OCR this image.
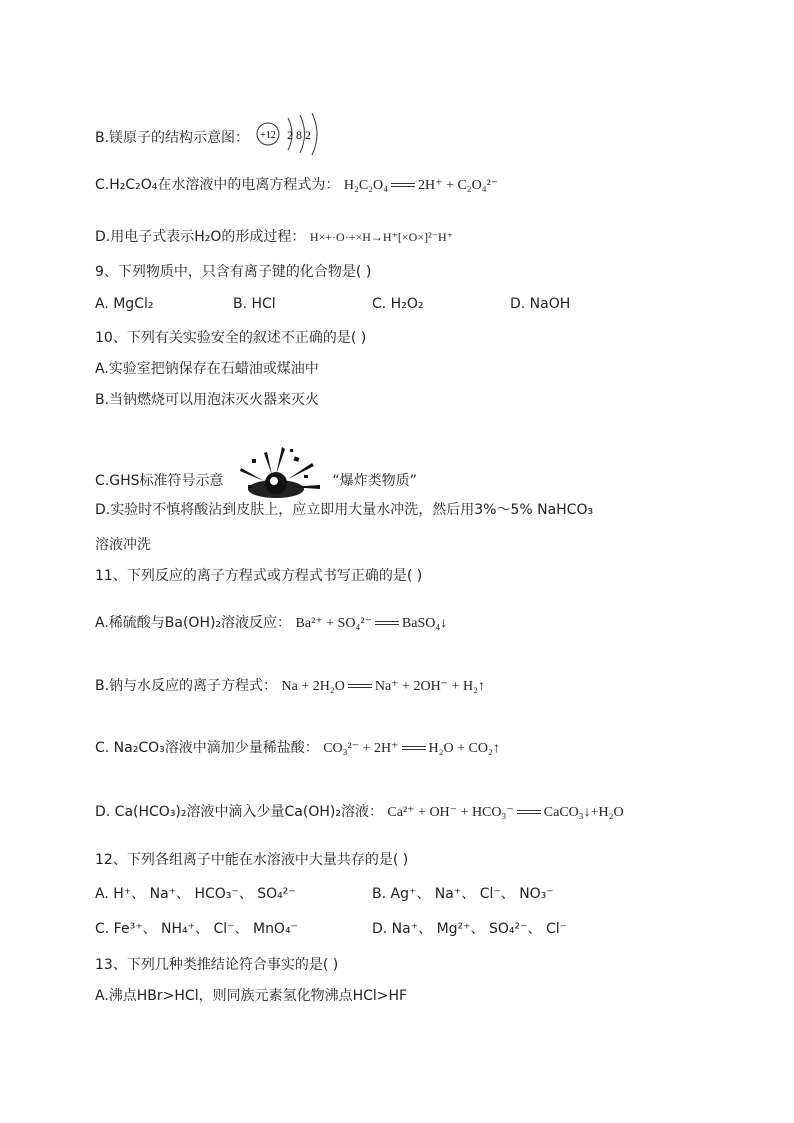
B.镁原子的结构示意图： +12 2 8 2
C.H₂C₂O₄在水溶液中的电离方程式为： H₂C₂O₄ 2H⁺ + C₂O₄²⁻
D.用电子式表示H₂O的形成过程： H×+·O·+×H→H⁺[×O×]²⁻H⁺
9、下列物质中，只含有离子键的化合物是( )
A. MgCl₂	B. HCl	C. H₂O₂	D. NaOH
10、下列有关实验安全的叙述不正确的是( )
A.实验室把钠保存在石蜡油或煤油中
B.当钠燃烧可以用泡沫灭火器来灭火
C.GHS标准符号示意	“爆炸类物质”
D.实验时不慎将酸沾到皮肤上，应立即用大量水冲洗，然后用3%～5% NaHCO₃
溶液冲洗
11、下列反应的离子方程式或方程式书写正确的是( )
A.稀硫酸与Ba(OH)₂溶液反应： Ba²⁺ + SO₄²⁻ BaSO₄↓
B.钠与水反应的离子方程式： Na + 2H₂O Na⁺ + 2OH⁻ + H₂↑
C. Na₂CO₃溶液中滴加少量稀盐酸： CO₃²⁻ + 2H⁺ H₂O + CO₂↑
D. Ca(HCO₃)₂溶液中滴入少量Ca(OH)₂溶液： Ca²⁺ + OH⁻ + HCO₃⁻ CaCO₃↓+H₂O
12、下列各组离子中能在水溶液中大量共存的是( )
A. H⁺、 Na⁺、 HCO₃⁻、 SO₄²⁻	B. Ag⁺、 Na⁺、 Cl⁻、 NO₃⁻
C. Fe³⁺、 NH₄⁺、 Cl⁻、 MnO₄⁻	D. Na⁺、 Mg²⁺、 SO₄²⁻、 Cl⁻
13、下列几种类推结论符合事实的是( )
A.沸点HBr>HCl，则同族元素氢化物沸点HCl>HF
